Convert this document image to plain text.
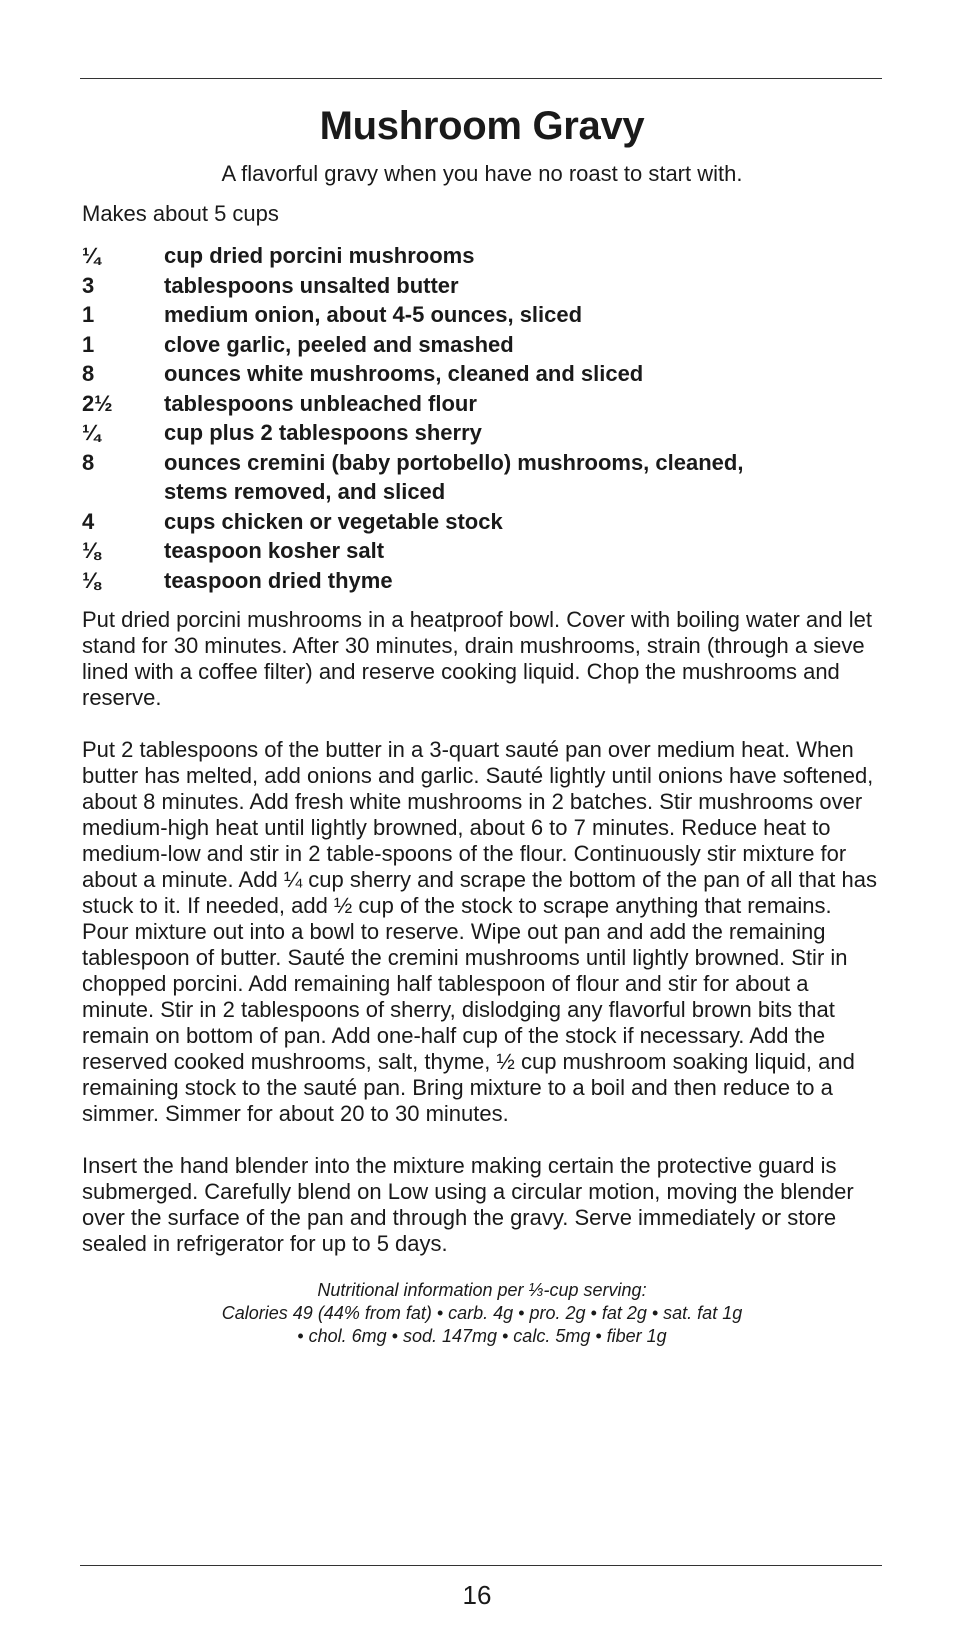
Mushroom Gravy
A flavorful gravy when you have no roast to start with.
Makes about 5 cups
¼	cup dried porcini mushrooms
3	tablespoons unsalted butter
1	medium onion, about 4-5 ounces, sliced
1	clove garlic, peeled and smashed
8	ounces white mushrooms, cleaned and sliced
2½	tablespoons unbleached flour
¼	cup plus 2 tablespoons sherry
8	ounces cremini (baby portobello) mushrooms, cleaned, stems removed, and sliced
4	cups chicken or vegetable stock
⅛	teaspoon kosher salt
⅛	teaspoon dried thyme

Put dried porcini mushrooms in a heatproof bowl. Cover with boiling water and let stand for 30 minutes. After 30 minutes, drain mushrooms, strain (through a sieve lined with a coffee filter) and reserve cooking liquid. Chop the mushrooms and reserve.

Put 2 tablespoons of the butter in a 3-quart sauté pan over medium heat. When butter has melted, add onions and garlic. Sauté lightly until onions have softened, about 8 minutes. Add fresh white mushrooms in 2 batches. Stir mushrooms over medium-high heat until lightly browned, about 6 to 7 minutes. Reduce heat to medium-low and stir in 2 table-spoons of the flour. Continuously stir mixture for about a minute. Add ¼ cup sherry and scrape the bottom of the pan of all that has stuck to it. If needed, add ½ cup of the stock to scrape anything that remains. Pour mixture out into a bowl to reserve. Wipe out pan and add the remaining tablespoon of butter. Sauté the cremini mushrooms until lightly browned. Stir in chopped porcini. Add remaining half tablespoon of flour and stir for about a minute. Stir in 2 tablespoons of sherry, dislodging any flavorful brown bits that remain on bottom of pan. Add one-half cup of the stock if necessary. Add the reserved cooked mushrooms, salt, thyme, ½ cup mushroom soaking liquid, and remaining stock to the sauté pan. Bring mixture to a boil and then reduce to a simmer. Simmer for about 20 to 30 minutes.

Insert the hand blender into the mixture making certain the protective guard is submerged. Carefully blend on Low using a circular motion, moving the blender over the surface of the pan and through the gravy. Serve immediately or store sealed in refrigerator for up to 5 days.

Nutritional information per ⅓-cup serving:
Calories 49 (44% from fat) • carb. 4g • pro. 2g • fat 2g • sat. fat 1g
• chol. 6mg • sod. 147mg • calc. 5mg • fiber 1g
16
